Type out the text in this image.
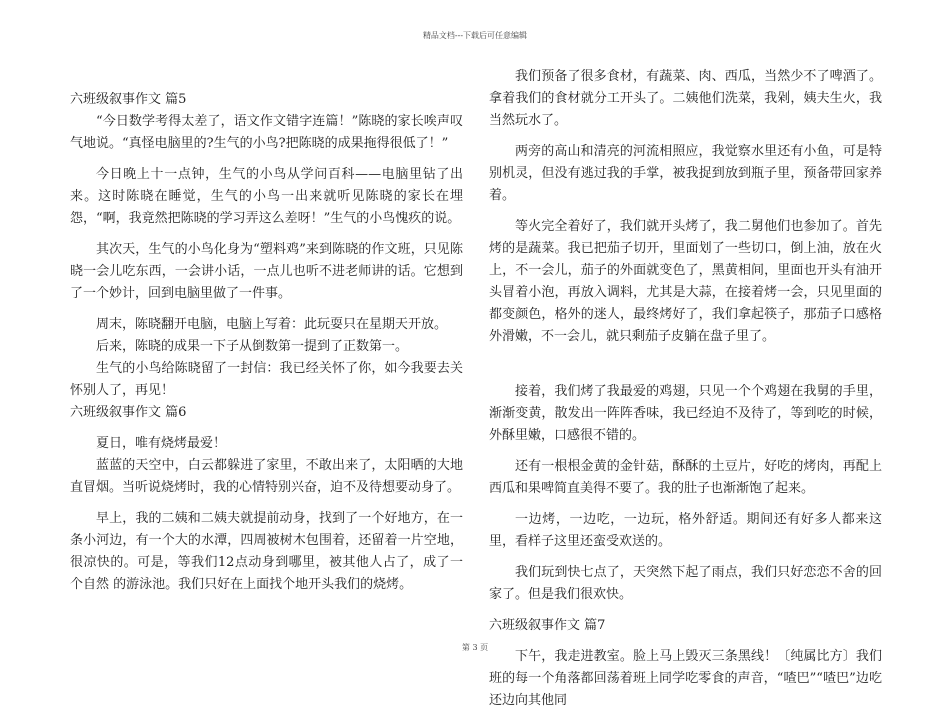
精品文档---下载后可任意编辑

六班级叙事作文 篇5

“今日数学考得太差了，语文作文错字连篇！”陈晓的家长唉声叹气地说。“真怪电脑里的?生气的小鸟?把陈晓的成果拖得很低了！”

今日晚上十一点钟，生气的小鸟从学问百科——电脑里钻了出来。这时陈晓在睡觉，生气的小鸟一出来就听见陈晓的家长在埋怨，“啊，我竟然把陈晓的学习弄这么差呀！”生气的小鸟愧疚的说。

其次天，生气的小鸟化身为“塑料鸡”来到陈晓的作文班，只见陈晓一会儿吃东西，一会讲小话，一点儿也听不进老师讲的话。它想到了一个妙计，回到电脑里做了一件事。

周末，陈晓翻开电脑，电脑上写着：此玩耍只在星期天开放。

后来，陈晓的成果一下子从倒数第一提到了正数第一。

生气的小鸟给陈晓留了一封信：我已经关怀了你，如今我要去关怀别人了，再见！

六班级叙事作文 篇6

夏日，唯有烧烤最爱！

蓝蓝的天空中，白云都躲进了家里，不敢出来了，太阳晒的大地直冒烟。当听说烧烤时，我的心情特别兴奋，迫不及待想要动身了。

早上，我的二姨和二姨夫就提前动身，找到了一个好地方，在一条小河边，有一个大的水潭，四周被树木包围着，还留着一片空地，很凉快的。可是，等我们12点动身到哪里，被其他人占了，成了一个自然 的游泳池。我们只好在上面找个地开头我们的烧烤。

我们预备了很多食材，有蔬菜、肉、西瓜，当然少不了啤酒了。拿着我们的食材就分工开头了。二姨他们洗菜，我剁，姨夫生火，我当然玩水了。

两旁的高山和清亮的河流相照应，我觉察水里还有小鱼，可是特别机灵，但没有逃过我的手掌，被我捉到放到瓶子里，预备带回家养着。

等火完全着好了，我们就开头烤了，我二舅他们也参加了。首先烤的是蔬菜。我已把茄子切开，里面划了一些切口，倒上油，放在火上，不一会儿，茄子的外面就变色了，黑黄相间，里面也开头有油开头冒着小泡，再放入调料，尤其是大蒜，在接着烤一会，只见里面的都变颜色，格外的迷人，最终烤好了，我们拿起筷子，那茄子口感格外滑嫩，不一会儿，就只剩茄子皮躺在盘子里了。

接着，我们烤了我最爱的鸡翅，只见一个个鸡翅在我舅的手里，渐渐变黄，散发出一阵阵香味，我已经迫不及待了，等到吃的时候，外酥里嫩，口感很不错的。

还有一根根金黄的金针菇，酥酥的土豆片，好吃的烤肉，再配上西瓜和果啤简直美得不要了。我的肚子也渐渐饱了起来。

一边烤，一边吃，一边玩，格外舒适。期间还有好多人都来这里，看样子这里还蛮受欢送的。

我们玩到快七点了，天突然下起了雨点，我们只好恋恋不舍的回家了。但是我们很欢快。

六班级叙事作文 篇7

下午，我走进教室。脸上马上毁灭三条黑线！〔纯属比方〕我们班的每一个角落都回荡着班上同学吃零食的声音，“喳巴”“喳巴”边吃还边向其他同

第 3 页
